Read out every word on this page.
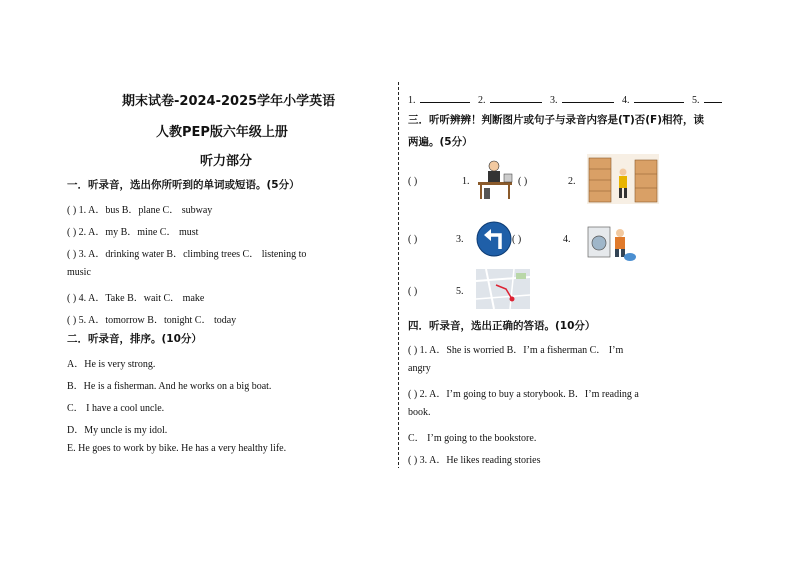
期末试卷-2024-2025学年小学英语
人教PEP版六年级上册
听力部分
一．听录音，选出你所听到的单词或短语。(5分）
( ) 1. A．bus B．plane C． subway
( ) 2. A．my B．mine C． must
( ) 3. A．drinking water B．climbing trees C． listening to
music
( ) 4. A．Take B．wait C． make
( ) 5. A．tomorrow B．tonight C． today
二．听录音，排序。(10分）
A．He is very strong.
B．He is a fisherman. And he works on a big boat.
C． I have a cool uncle.
D．My uncle is my idol.
E. He goes to work by bike. He has a very healthy life.
1.	2.	3.	4.	5.
三．听听辨辨！判断图片或句子与录音内容是(T)否(F)相符，读
两遍。(5分）
( )	1.	( )	2.
( )	3.	( )	4.
( )	5.
四．听录音，选出正确的答语。(10分）
( ) 1. A．She is worried B．I’m a fisherman C． I’m
angry
( ) 2. A．I’m going to buy a storybook. B．I’m reading a
book.
C． I’m going to the bookstore.
( ) 3. A．He likes reading stories
